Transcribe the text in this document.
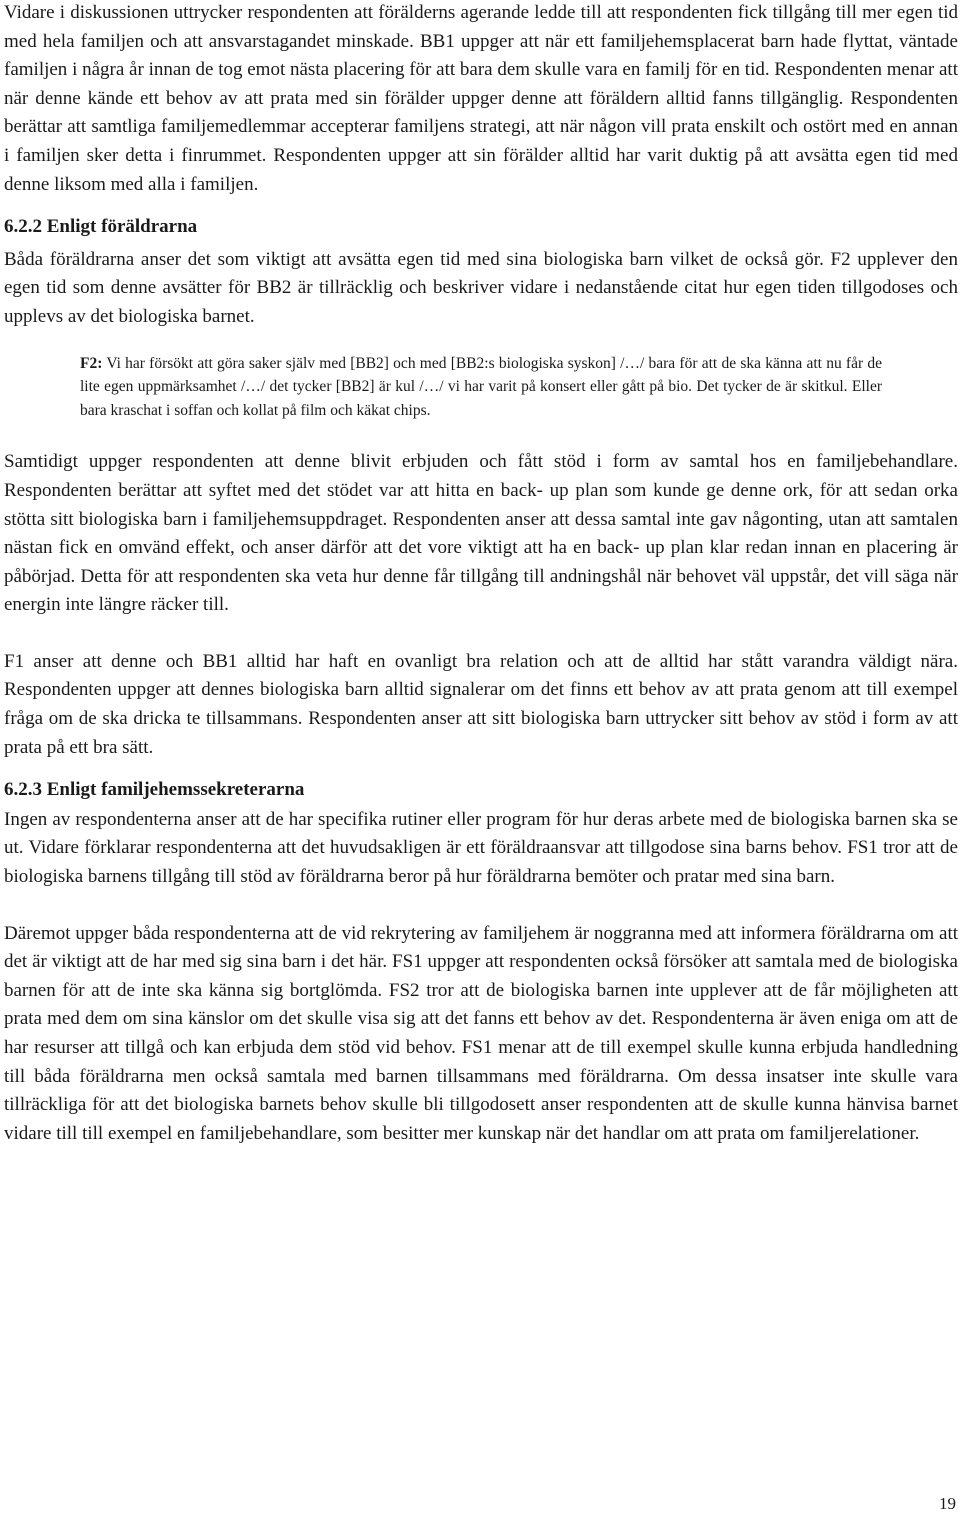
Vidare i diskussionen uttrycker respondenten att förälderns agerande ledde till att respondenten fick tillgång till mer egen tid med hela familjen och att ansvarstagandet minskade. BB1 uppger att när ett familjehemsplacerat barn hade flyttat, väntade familjen i några år innan de tog emot nästa placering för att bara dem skulle vara en familj för en tid. Respondenten menar att när denne kände ett behov av att prata med sin förälder uppger denne att föräldern alltid fanns tillgänglig. Respondenten berättar att samtliga familjemedlemmar accepterar familjens strategi, att när någon vill prata enskilt och ostört med en annan i familjen sker detta i finrummet. Respondenten uppger att sin förälder alltid har varit duktig på att avsätta egen tid med denne liksom med alla i familjen.

6.2.2 Enligt föräldrarna

Båda föräldrarna anser det som viktigt att avsätta egen tid med sina biologiska barn vilket de också gör. F2 upplever den egen tid som denne avsätter för BB2 är tillräcklig och beskriver vidare i nedanstående citat hur egen tiden tillgodoses och upplevs av det biologiska barnet.

F2: Vi har försökt att göra saker själv med [BB2] och med [BB2:s biologiska syskon] /…/ bara för att de ska känna att nu får de lite egen uppmärksamhet /…/ det tycker [BB2] är kul /…/ vi har varit på konsert eller gått på bio. Det tycker de är skitkul. Eller bara kraschat i soffan och kollat på film och käkat chips.

Samtidigt uppger respondenten att denne blivit erbjuden och fått stöd i form av samtal hos en familjebehandlare. Respondenten berättar att syftet med det stödet var att hitta en back- up plan som kunde ge denne ork, för att sedan orka stötta sitt biologiska barn i familjehemsuppdraget. Respondenten anser att dessa samtal inte gav någonting, utan att samtalen nästan fick en omvänd effekt, och anser därför att det vore viktigt att ha en back- up plan klar redan innan en placering är påbörjad. Detta för att respondenten ska veta hur denne får tillgång till andningshål när behovet väl uppstår, det vill säga när energin inte längre räcker till.

F1 anser att denne och BB1 alltid har haft en ovanligt bra relation och att de alltid har stått varandra väldigt nära. Respondenten uppger att dennes biologiska barn alltid signalerar om det finns ett behov av att prata genom att till exempel fråga om de ska dricka te tillsammans. Respondenten anser att sitt biologiska barn uttrycker sitt behov av stöd i form av att prata på ett bra sätt.

6.2.3 Enligt familjehemssekreterarna

Ingen av respondenterna anser att de har specifika rutiner eller program för hur deras arbete med de biologiska barnen ska se ut. Vidare förklarar respondenterna att det huvudsakligen är ett föräldraansvar att tillgodose sina barns behov. FS1 tror att de biologiska barnens tillgång till stöd av föräldrarna beror på hur föräldrarna bemöter och pratar med sina barn.

Däremot uppger båda respondenterna att de vid rekrytering av familjehem är noggranna med att informera föräldrarna om att det är viktigt att de har med sig sina barn i det här. FS1 uppger att respondenten också försöker att samtala med de biologiska barnen för att de inte ska känna sig bortglömda. FS2 tror att de biologiska barnen inte upplever att de får möjligheten att prata med dem om sina känslor om det skulle visa sig att det fanns ett behov av det. Respondenterna är även eniga om att de har resurser att tillgå och kan erbjuda dem stöd vid behov. FS1 menar att de till exempel skulle kunna erbjuda handledning till båda föräldrarna men också samtala med barnen tillsammans med föräldrarna. Om dessa insatser inte skulle vara tillräckliga för att det biologiska barnets behov skulle bli tillgodosett anser respondenten att de skulle kunna hänvisa barnet vidare till till exempel en familjebehandlare, som besitter mer kunskap när det handlar om att prata om familjerelationer.

19
